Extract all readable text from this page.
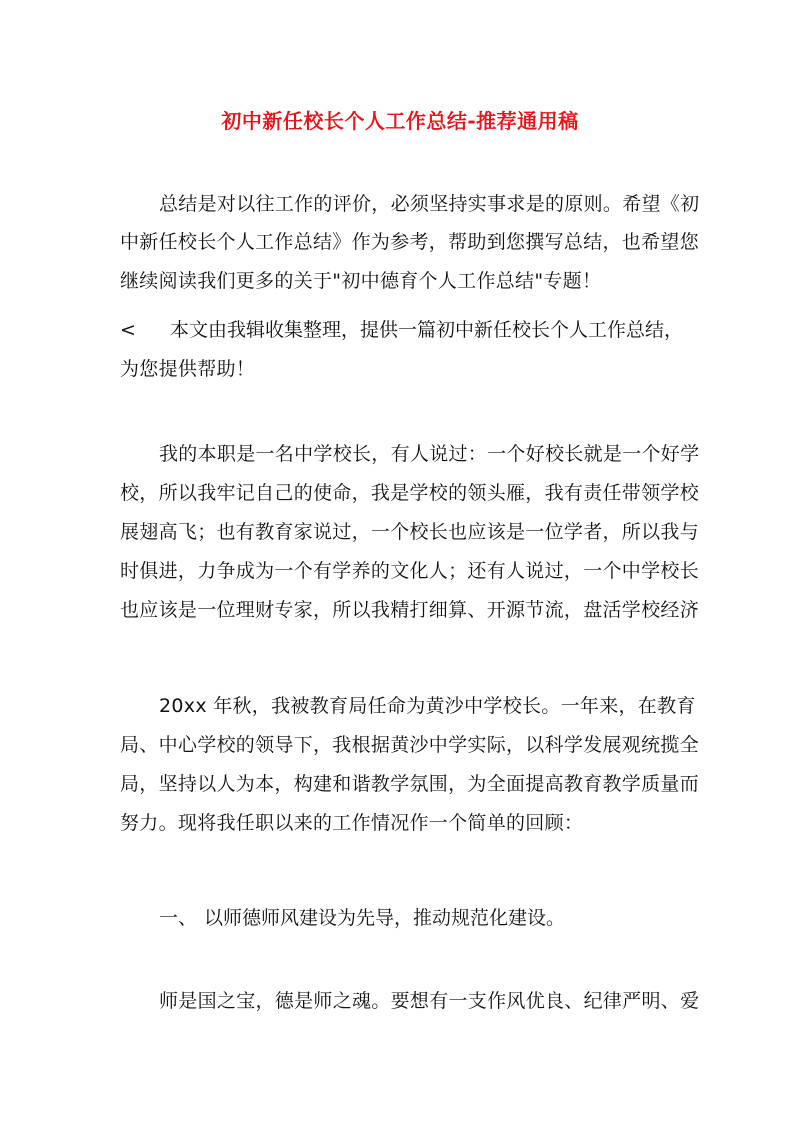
初中新任校长个人工作总结-推荐通用稿
总结是对以往工作的评价，必须坚持实事求是的原则。希望《初
中新任校长个人工作总结》作为参考，帮助到您撰写总结，也希望您
继续阅读我们更多的关于"初中德育个人工作总结"专题！
< 本文由我辑收集整理，提供一篇初中新任校长个人工作总结，
为您提供帮助！
我的本职是一名中学校长，有人说过：一个好校长就是一个好学
校，所以我牢记自己的使命，我是学校的领头雁，我有责任带领学校
展翅高飞；也有教育家说过，一个校长也应该是一位学者，所以我与
时俱进，力争成为一个有学养的文化人；还有人说过，一个中学校长
也应该是一位理财专家，所以我精打细算、开源节流，盘活学校经济
20xx 年秋，我被教育局任命为黄沙中学校长。一年来，在教育
局、中心学校的领导下，我根据黄沙中学实际，以科学发展观统揽全
局，坚持以人为本，构建和谐教学氛围，为全面提高教育教学质量而
努力。现将我任职以来的工作情况作一个简单的回顾：
一、 以师德师风建设为先导，推动规范化建设。
师是国之宝，德是师之魂。要想有一支作风优良、纪律严明、爱
